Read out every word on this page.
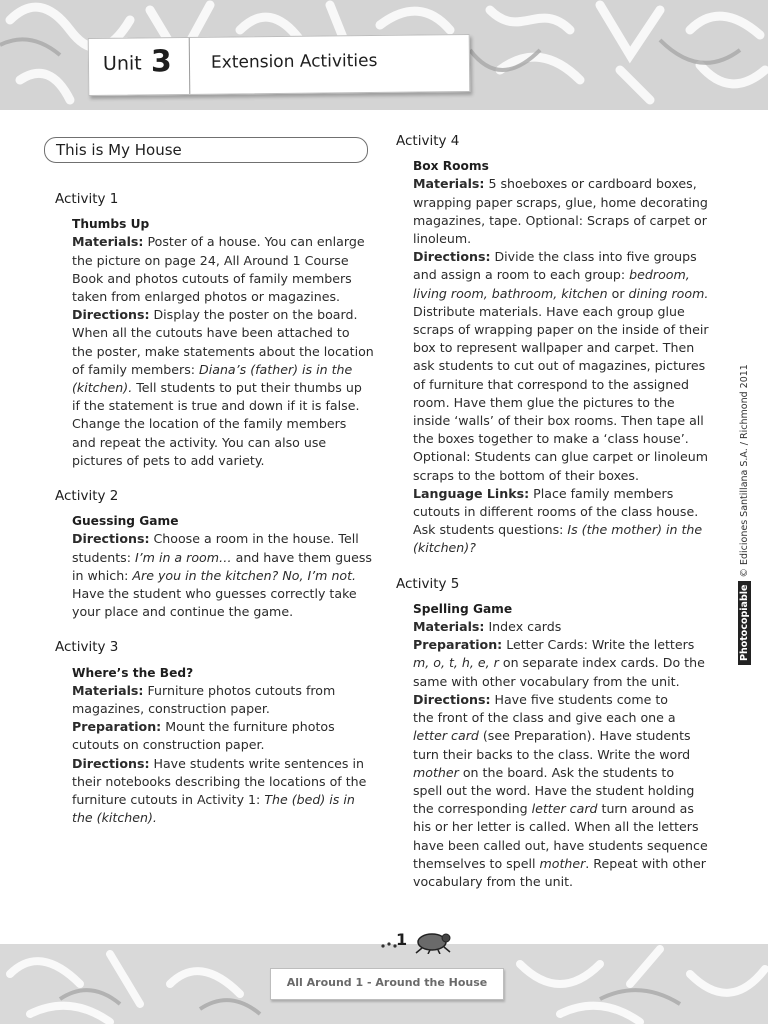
Unit 3 Extension Activities
This is My House
Activity 1
Thumbs Up

Materials: Poster of a house. You can enlarge

the picture on page 24, All Around 1 Course

Book and photos cutouts of family members

taken from enlarged photos or magazines.

Directions: Display the poster on the board.

When all the cutouts have been attached to

the poster, make statements about the location

of family members: Diana’s (father) is in the

(kitchen). Tell students to put their thumbs up

if the statement is true and down if it is false.

Change the location of the family members

and repeat the activity. You can also use

pictures of pets to add variety.

Activity 2
Guessing Game

Directions: Choose a room in the house. Tell

students: I’m in a room… and have them guess

in which: Are you in the kitchen? No, I’m not.

Have the student who guesses correctly take

your place and continue the game.

Activity 3
Where’s the Bed?

Materials: Furniture photos cutouts from

magazines, construction paper.

Preparation: Mount the furniture photos

cutouts on construction paper.

Directions: Have students write sentences in

their notebooks describing the locations of the

furniture cutouts in Activity 1: The (bed) is in

the (kitchen).

Activity 4
Box Rooms

Materials: 5 shoeboxes or cardboard boxes,

wrapping paper scraps, glue, home decorating

magazines, tape. Optional: Scraps of carpet or

linoleum.

Directions: Divide the class into five groups

and assign a room to each group: bedroom,

living room, bathroom, kitchen or dining room.

Distribute materials. Have each group glue

scraps of wrapping paper on the inside of their

box to represent wallpaper and carpet. Then

ask students to cut out of magazines, pictures

of furniture that correspond to the assigned

room. Have them glue the pictures to the

inside ‘walls’ of their box rooms. Then tape all

the boxes together to make a ‘class house’.

Optional: Students can glue carpet or linoleum

scraps to the bottom of their boxes.

Language Links: Place family members

cutouts in different rooms of the class house.

Ask students questions: Is (the mother) in the

(kitchen)?

Activity 5
Spelling Game

Materials: Index cards

Preparation: Letter Cards: Write the letters

m, o, t, h, e, r on separate index cards. Do the

same with other vocabulary from the unit.

Directions: Have five students come to

the front of the class and give each one a

letter card (see Preparation). Have students

turn their backs to the class. Write the word

mother on the board. Ask the students to

spell out the word. Have the student holding

the corresponding letter card turn around as

his or her letter is called. When all the letters

have been called out, have students sequence

themselves to spell mother. Repeat with other

vocabulary from the unit.

Photocopiable © Ediciones Santillana S.A. / Richmond 2011
1
All Around 1 - Around the House
